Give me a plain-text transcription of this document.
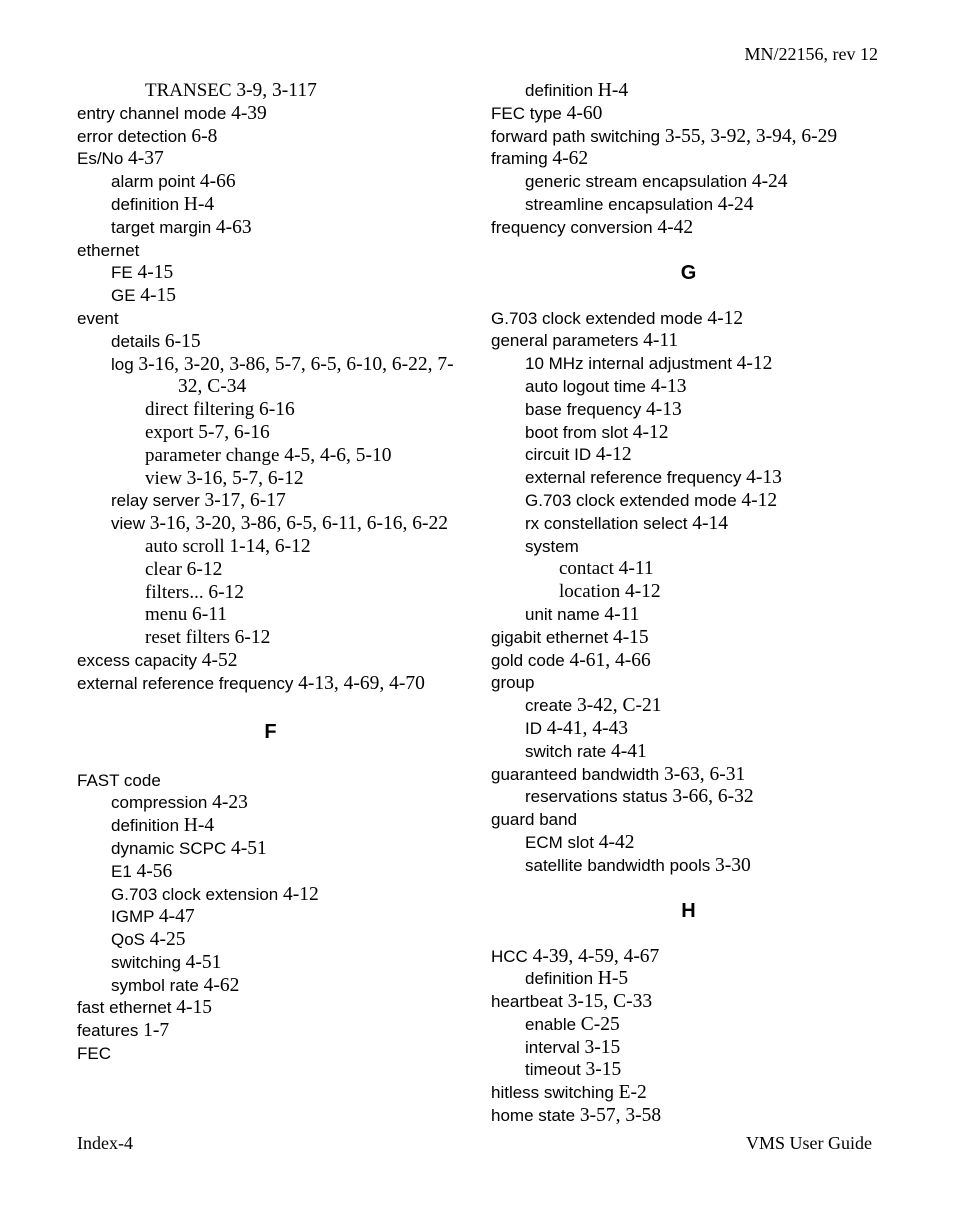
MN/22156, rev 12
TRANSEC 3-9, 3-117
entry channel mode 4-39
error detection 6-8
Es/No 4-37
alarm point 4-66
definition H-4
target margin 4-63
ethernet
FE 4-15
GE 4-15
event
details 6-15
log 3-16, 3-20, 3-86, 5-7, 6-5, 6-10, 6-22, 7-32, C-34
direct filtering 6-16
export 5-7, 6-16
parameter change 4-5, 4-6, 5-10
view 3-16, 5-7, 6-12
relay server 3-17, 6-17
view 3-16, 3-20, 3-86, 6-5, 6-11, 6-16, 6-22
auto scroll 1-14, 6-12
clear 6-12
filters... 6-12
menu 6-11
reset filters 6-12
excess capacity 4-52
external reference frequency 4-13, 4-69, 4-70
F
FAST code
compression 4-23
definition H-4
dynamic SCPC 4-51
E1 4-56
G.703 clock extension 4-12
IGMP 4-47
QoS 4-25
switching 4-51
symbol rate 4-62
fast ethernet 4-15
features 1-7
FEC
definition H-4
FEC type 4-60
forward path switching 3-55, 3-92, 3-94, 6-29
framing 4-62
generic stream encapsulation 4-24
streamline encapsulation 4-24
frequency conversion 4-42
G
G.703 clock extended mode 4-12
general parameters 4-11
10 MHz internal adjustment 4-12
auto logout time 4-13
base frequency 4-13
boot from slot 4-12
circuit ID 4-12
external reference frequency 4-13
G.703 clock extended mode 4-12
rx constellation select 4-14
system
contact 4-11
location 4-12
unit name 4-11
gigabit ethernet 4-15
gold code 4-61, 4-66
group
create 3-42, C-21
ID 4-41, 4-43
switch rate 4-41
guaranteed bandwidth 3-63, 6-31
reservations status 3-66, 6-32
guard band
ECM slot 4-42
satellite bandwidth pools 3-30
H
HCC 4-39, 4-59, 4-67
definition H-5
heartbeat 3-15, C-33
enable C-25
interval 3-15
timeout 3-15
hitless switching E-2
home state 3-57, 3-58
Index-4	VMS User Guide
